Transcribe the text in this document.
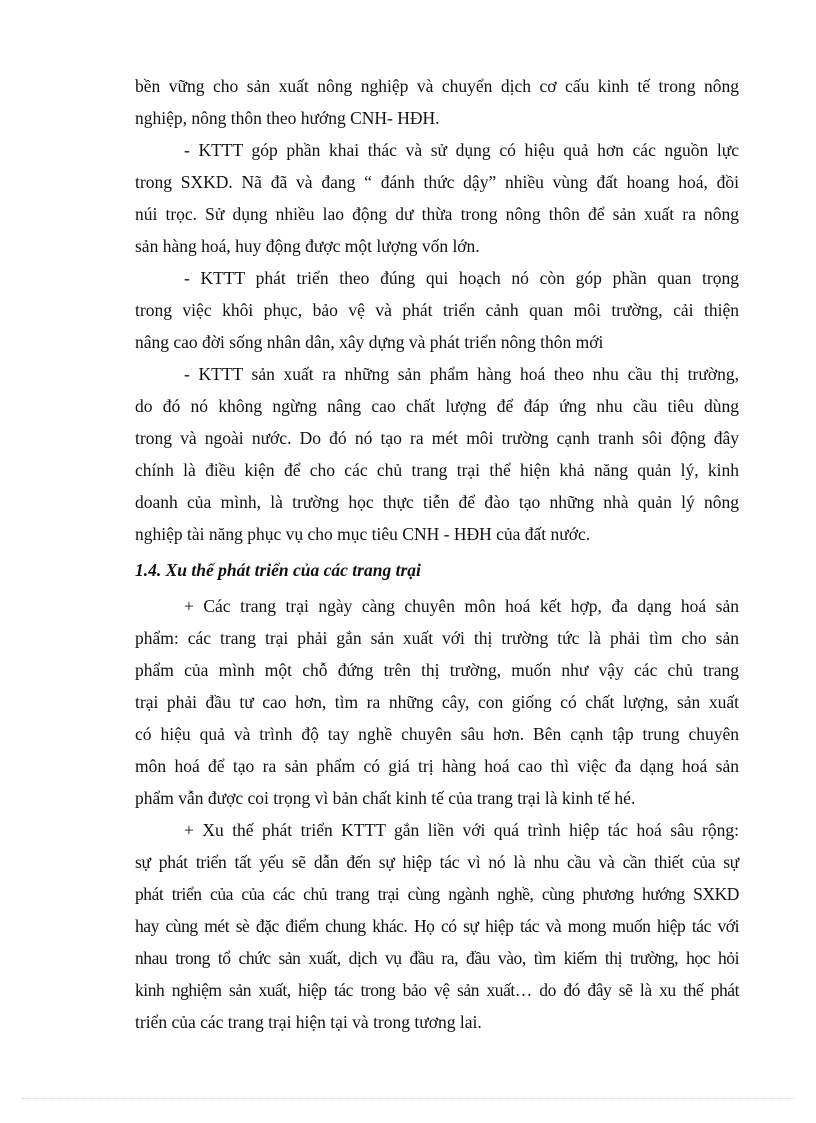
bền vững cho sản xuất nông nghiệp và chuyển dịch cơ cấu kinh tế trong nông
nghiệp, nông thôn theo hướng CNH- HĐH.
- KTTT góp phần khai thác và sử dụng có hiệu quả hơn các nguồn lực
trong SXKD. Nã đã và đang “ đánh thức dậy” nhiều vùng đất hoang hoá, đồi
núi trọc. Sử dụng nhiều lao động dư thừa trong nông thôn để sản xuất ra nông
sản hàng hoá, huy động được một lượng vốn lớn.
- KTTT phát triển theo đúng qui hoạch nó còn góp phần quan trọng
trong việc khôi phục, bảo vệ và phát triển cảnh quan môi trường, cải thiện
nâng cao đời sống nhân dân, xây dựng và phát triển nông thôn mới
- KTTT sản xuất ra những sản phẩm hàng hoá theo nhu cầu thị trường,
do đó nó không ngừng nâng cao chất lượng để đáp ứng nhu cầu tiêu dùng
trong và ngoài nước. Do đó nó tạo ra mét môi trường cạnh tranh sôi động đây
chính là điều kiện để cho các chủ trang trại thể hiện khả năng quản lý, kinh
doanh của mình, là trường học thực tiễn để đào tạo những nhà quản lý nông
nghiệp tài năng phục vụ cho mục tiêu CNH - HĐH của đất nước.
1.4. Xu thế phát triển của các trang trại
+ Các trang trại ngày càng chuyên môn hoá kết hợp, đa dạng hoá sản
phẩm: các trang trại phải gắn sản xuất với thị trường tức là phải tìm cho sản
phẩm của mình một chỗ đứng trên thị trường, muốn như vậy các chủ trang
trại phải đầu tư cao hơn, tìm ra những cây, con giống có chất lượng, sản xuất
có hiệu quả và trình độ tay nghề chuyên sâu hơn. Bên cạnh tập trung chuyên
môn hoá để tạo ra sản phẩm có giá trị hàng hoá cao thì việc đa dạng hoá sản
phẩm vẫn được coi trọng vì bản chất kinh tế của trang trại là kinh tế hé.
+ Xu thế phát triển KTTT gắn liền với quá trình hiệp tác hoá sâu rộng:
sự phát triển tất yếu sẽ dẫn đến sự hiệp tác vì nó là nhu cầu và cần thiết của sự
phát triển của của các chủ trang trại cùng ngành nghề, cùng phương hướng SXKD
hay cùng mét sè đặc điểm chung khác. Họ có sự hiệp tác và mong muốn hiệp tác với
nhau trong tổ chức sản xuất, dịch vụ đầu ra, đầu vào, tìm kiếm thị trường, học hỏi
kinh nghiệm sản xuất, hiệp tác trong bảo vệ sản xuất… do đó đây sẽ là xu thế phát
triển của các trang trại hiện tại và trong tương lai.
